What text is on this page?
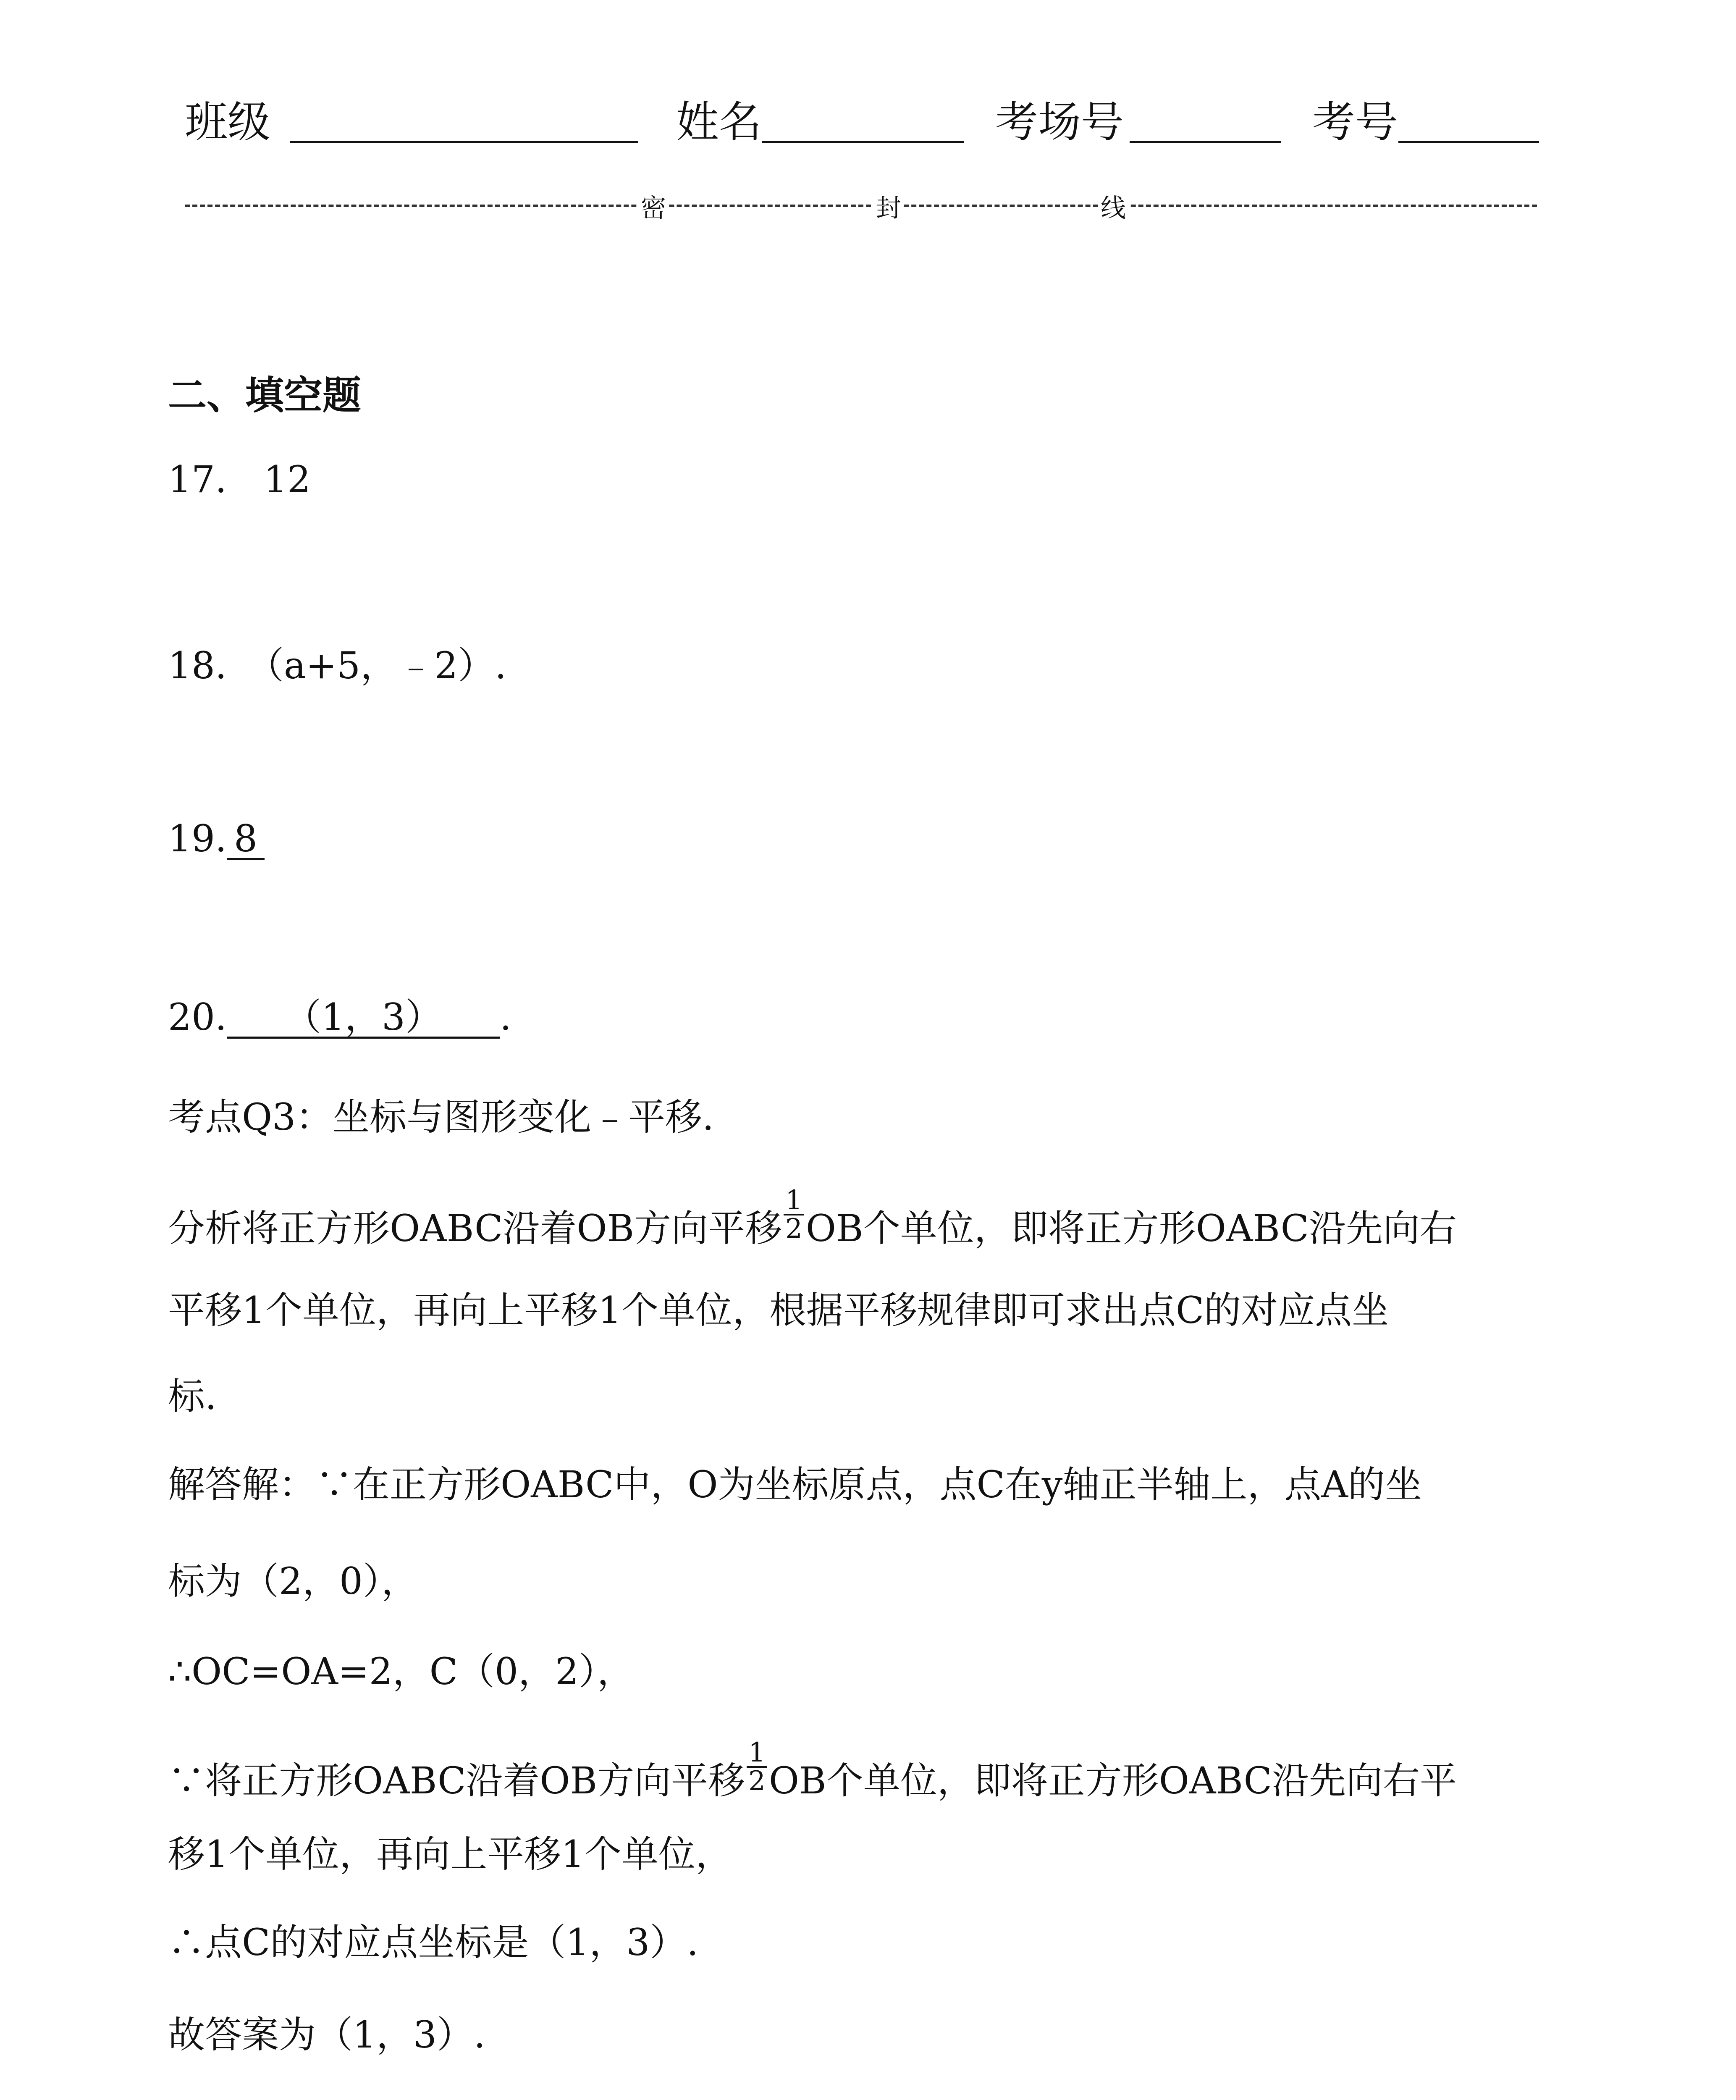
班级	姓名	考场号	考号
密	封	线
二、填空题
17. 12
18. （a+5，﹣2）.
19. 8
20. （1，3） .
考点Q3：坐标与图形变化﹣平移.
分析将正方形OABC沿着OB方向平移 $\frac{1}{2}$ OB个单位，即将正方形OABC沿先向右
平移1个单位，再向上平移1个单位，根据平移规律即可求出点C的对应点坐
标.
解答解：∵在正方形OABC中，O为坐标原点，点C在y轴正半轴上，点A的坐
标为（2，0），
∴OC=OA=2，C（0，2），
∵将正方形OABC沿着OB方向平移 $\frac{1}{2}$ OB个单位，即将正方形OABC沿先向右平
移1个单位，再向上平移1个单位，
∴点C的对应点坐标是（1，3）.
故答案为（1，3）.
